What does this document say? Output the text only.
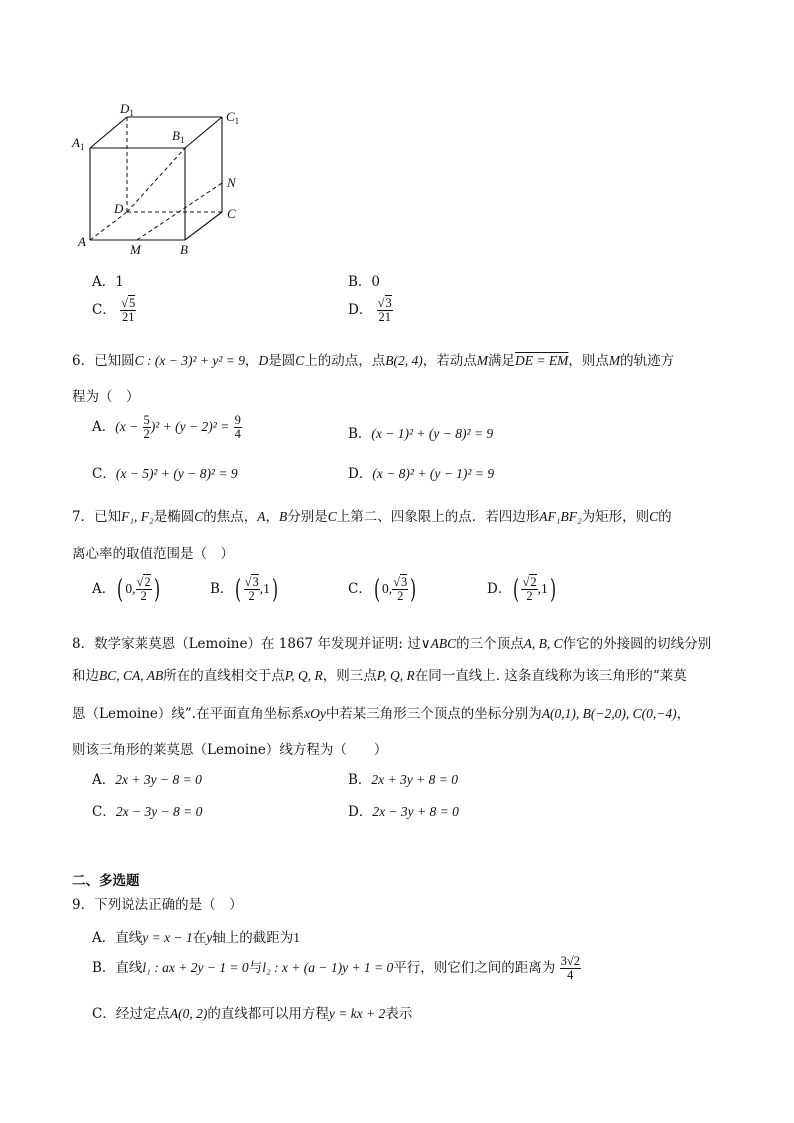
$D_1$	$C_1$
$A_1$
$B_1$
N
D	C
A
M	B
A．1	B．0
C． $\frac{√5}{21}$	D． $\frac{√3}{21}$
6．已知圆C : (x − 3)² + y² = 9，D是圆C上的动点，点B(2, 4)，若动点M满足DE = EM，则点M的轨迹方
程为（　）
A．$(x - \frac{5}{2} )^2 + (y - 2)^2 = \frac{9}{4}$	B．(x − 1)² + (y − 8)² = 9
C．(x − 5)² + (y − 8)² = 9	D．(x − 8)² + (y − 1)² = 9
7．已知F₁, F₂是椭圆C的焦点，A，B分别是C上第二、四象限上的点．若四边形AF₁BF₂为矩形，则C的
离心率的取值范围是（　）
A．( 0, $\frac{√2}{2}$ )	B．( $\frac{√3}{2} ,1$)	C．( 0, $\frac{√3}{2}$ )	D．( $\frac{√2}{2} ,1$)
8．数学家莱莫恩（Lemoine）在 1867 年发现并证明: 过∨ABC的三个顶点A, B, C作它的外接圆的切线分别
和边BC, CA, AB所在的直线相交于点P, Q, R，则三点P, Q, R在同一直线上. 这条直线称为该三角形的“莱莫
恩（Lemoine）线”.在平面直角坐标系xOy中若某三角形三个顶点的坐标分别为A(0,1), B(−2,0), C(0,−4)，
则该三角形的莱莫恩（Lemoine）线方程为（　　）
A．2x + 3y − 8 = 0	B．2x + 3y + 8 = 0
C．2x − 3y − 8 = 0	D．2x − 3y + 8 = 0
二、多选题
9．下列说法正确的是（　）
A．直线y = x − 1在y轴上的截距为1
B．直线l₁ : ax + 2y − 1 = 0与l₂ : x + (a − 1)y + 1 = 0平行，则它们之间的距离为 $\frac{3√2}{4}$
C．经过定点A(0, 2)的直线都可以用方程y = kx + 2表示
